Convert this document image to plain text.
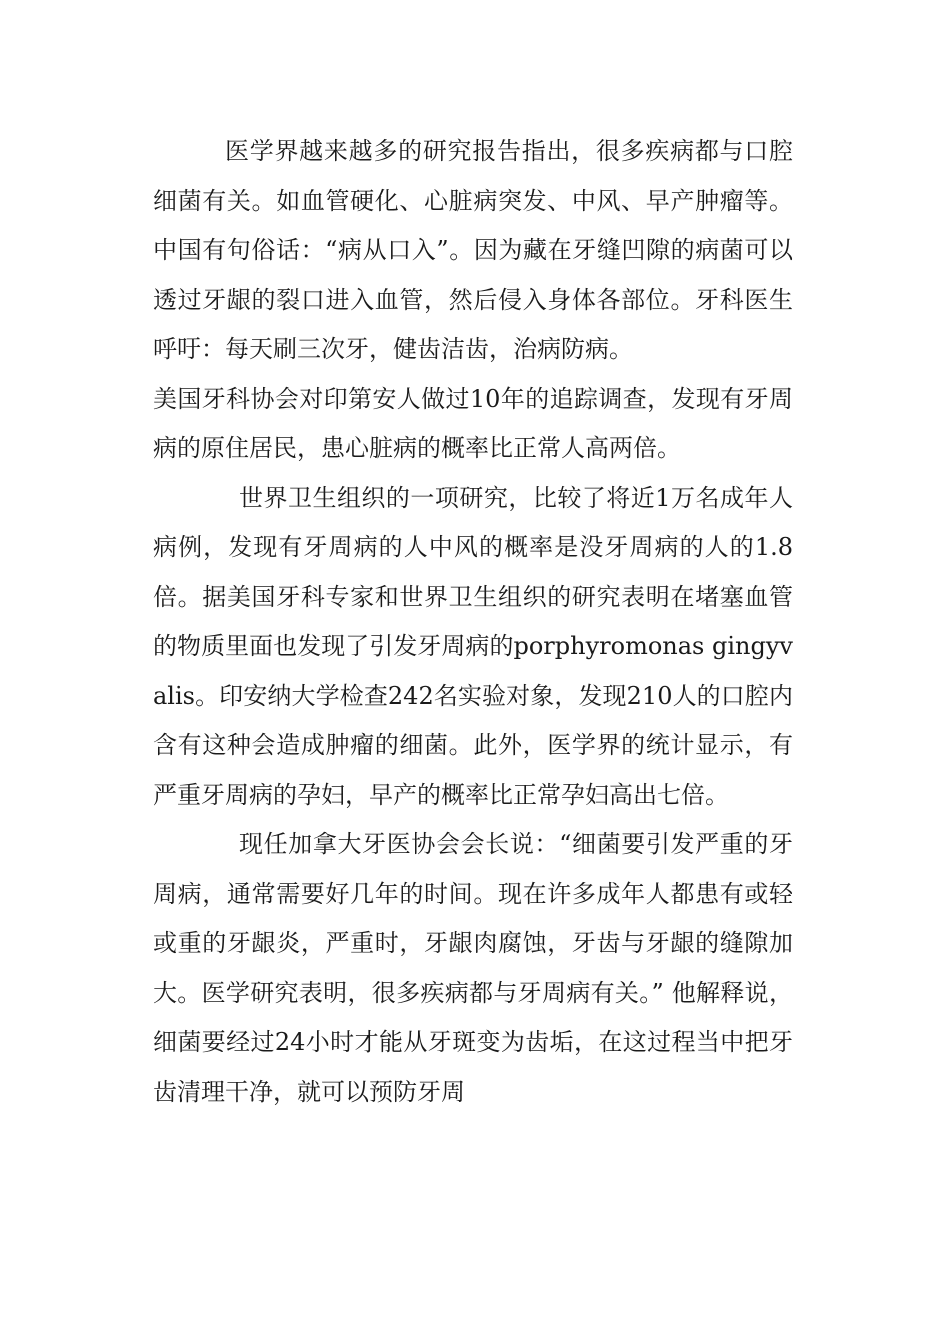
医学界越来越多的研究报告指出，很多疾病都与口腔细菌有关。如血管硬化、心脏病突发、中风、早产肿瘤等。中国有句俗话：“病从口入”。因为藏在牙缝凹隙的病菌可以透过牙龈的裂口进入血管，然后侵入身体各部位。牙科医生呼吁：每天刷三次牙，健齿洁齿，治病防病。

美国牙科协会对印第安人做过10年的追踪调查，发现有牙周病的原住居民，患心脏病的概率比正常人高两倍。

世界卫生组织的一项研究，比较了将近1万名成年人病例，发现有牙周病的人中风的概率是没牙周病的人的1.8倍。据美国牙科专家和世界卫生组织的研究表明在堵塞血管的物质里面也发现了引发牙周病的porphyromonas gingyvalis。印安纳大学检查242名实验对象，发现210人的口腔内含有这种会造成肿瘤的细菌。此外，医学界的统计显示，有严重牙周病的孕妇，早产的概率比正常孕妇高出七倍。

现任加拿大牙医协会会长说：“细菌要引发严重的牙周病，通常需要好几年的时间。现在许多成年人都患有或轻或重的牙龈炎，严重时，牙龈肉腐蚀，牙齿与牙龈的缝隙加大。医学研究表明，很多疾病都与牙周病有关。” 他解释说，细菌要经过24小时才能从牙斑变为齿垢，在这过程当中把牙齿清理干净，就可以预防牙周
